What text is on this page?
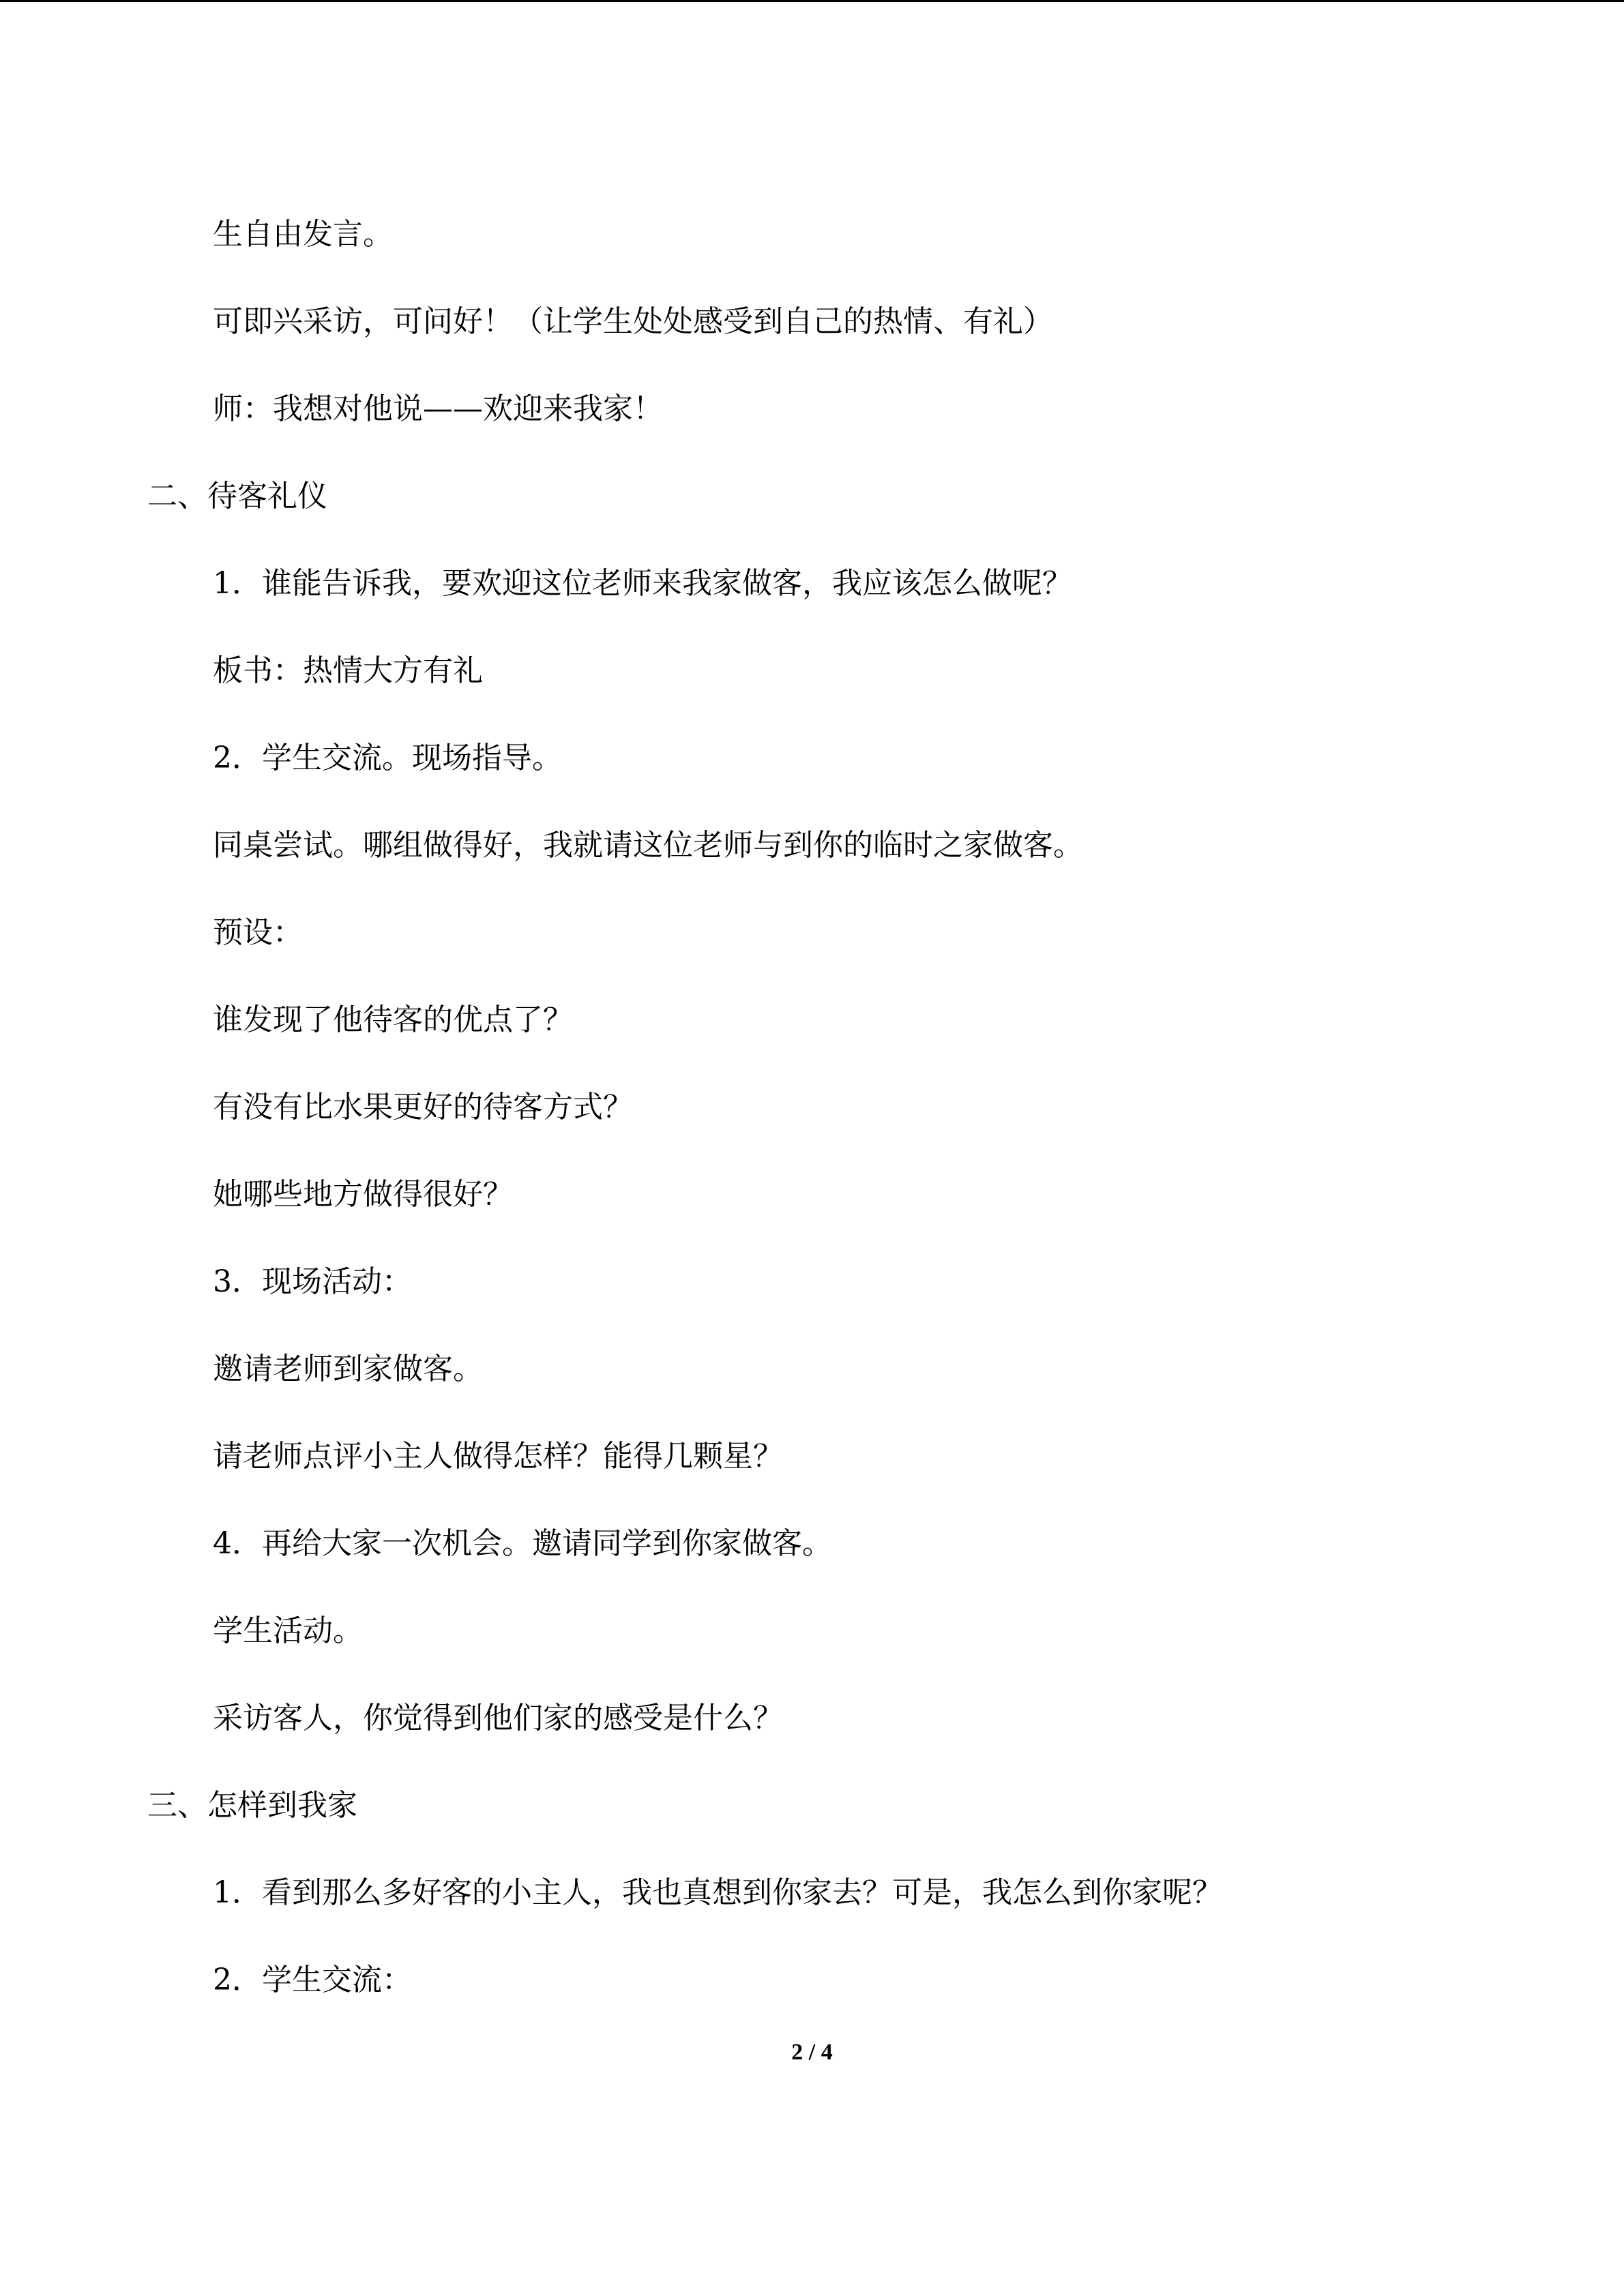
生自由发言。

可即兴采访，可问好！（让学生处处感受到自己的热情、有礼）

师：我想对他说——欢迎来我家！

二、待客礼仪

1．谁能告诉我，要欢迎这位老师来我家做客，我应该怎么做呢？

板书：热情大方有礼

2．学生交流。现场指导。

同桌尝试。哪组做得好，我就请这位老师与到你的临时之家做客。

预设：

谁发现了他待客的优点了？

有没有比水果更好的待客方式？

她哪些地方做得很好？

3．现场活动：

邀请老师到家做客。

请老师点评小主人做得怎样？能得几颗星？

4．再给大家一次机会。邀请同学到你家做客。

学生活动。

采访客人，你觉得到他们家的感受是什么？

三、怎样到我家

1．看到那么多好客的小主人，我也真想到你家去？可是，我怎么到你家呢？

2．学生交流：

2 / 4
